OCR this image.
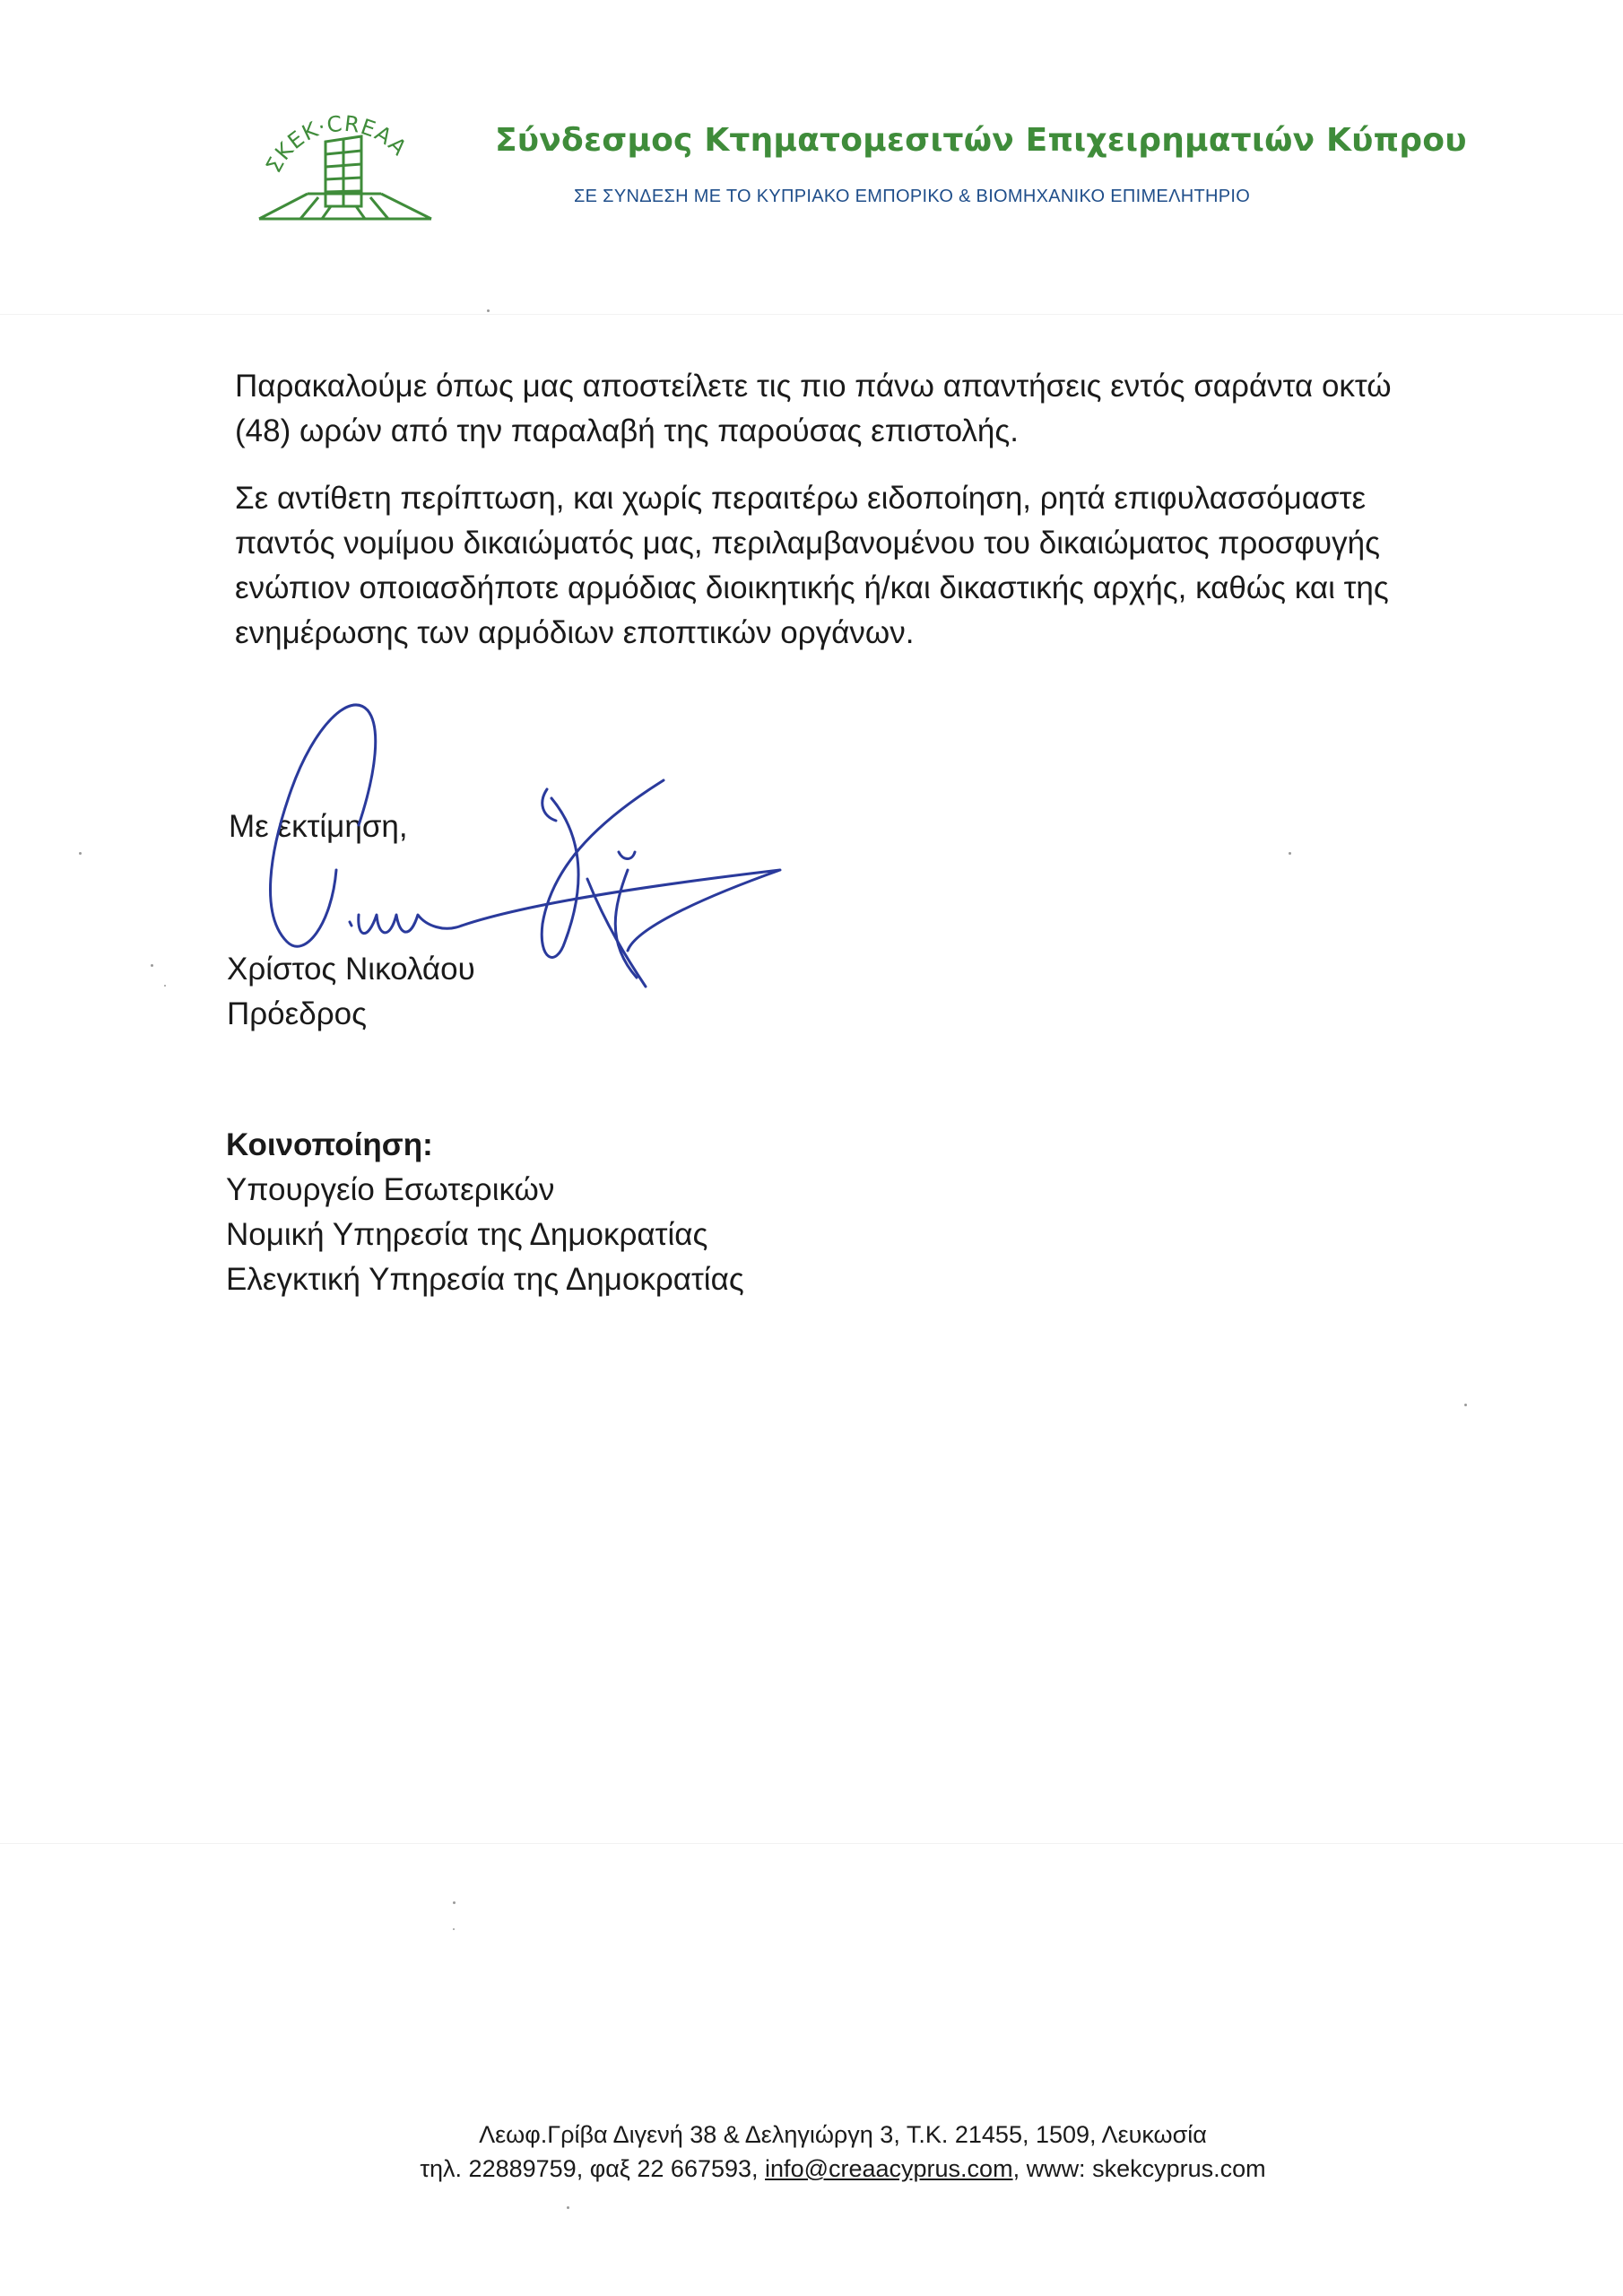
ΣΚΕΚ·CREAA	Σύνδεσμος Κτηματομεσιτών Επιχειρηματιών Κύπρου
ΣΕ ΣΥΝΔΕΣΗ ΜΕ ΤΟ ΚΥΠΡΙΑΚΟ ΕΜΠΟΡΙΚΟ & ΒΙΟΜΗΧΑΝΙΚΟ ΕΠΙΜΕΛΗΤΗΡΙΟ

Παρακαλούμε όπως μας αποστείλετε τις πιο πάνω απαντήσεις εντός σαράντα οκτώ
(48) ωρών από την παραλαβή της παρούσας επιστολής.

Σε αντίθετη περίπτωση, και χωρίς περαιτέρω ειδοποίηση, ρητά επιφυλασσόμαστε
παντός νομίμου δικαιώματός μας, περιλαμβανομένου του δικαιώματος προσφυγής
ενώπιον οποιασδήποτε αρμόδιας διοικητικής ή/και δικαστικής αρχής, καθώς και της
ενημέρωσης των αρμόδιων εποπτικών οργάνων.

Με εκτίμηση,
Χρίστος Νικολάου
Πρόεδρος
Κοινοποίηση:
Υπουργείο Εσωτερικών
Νομική Υπηρεσία της Δημοκρατίας
Ελεγκτική Υπηρεσία της Δημοκρατίας
Λεωφ.Γρίβα Διγενή 38 & Δεληγιώργη 3, Τ.Κ. 21455, 1509, Λευκωσία
τηλ. 22889759, φαξ 22 667593, info@creaacyprus.com, www: skekcyprus.com
